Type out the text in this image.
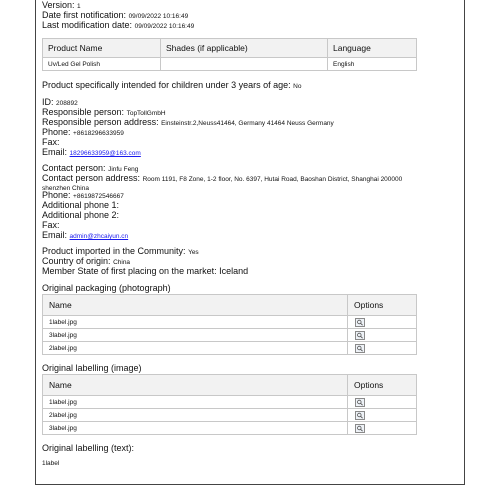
Version: 1
Date first notification: 09/09/2022 10:16:49
Last modification date: 09/09/2022 10:16:49
Product Name	Shades (if applicable)	Language
Uv/Led Gel Polish		English
Product specifically intended for children under 3 years of age: No
ID: 208892
Responsible person: TopTollGmbH
Responsible person address: Einsteinstr.2,Neuss41464, Germany 41464 Neuss Germany
Phone: +8618296633959
Fax:
Email: 18296633959@163.com
Contact person: Jinfu Feng
Contact person address: Room 1191, F8 Zone, 1-2 floor, No. 6397, Hutai Road, Baoshan District, Shanghai 200000
shenzhen China
Phone: +8619872546667
Additional phone 1:
Additional phone 2:
Fax:
Email: admin@zhcaiyun.cn
Product imported in the Community: Yes
Country of origin: China
Member State of first placing on the market: Iceland
Original packaging (photograph)
Name	Options
1label.jpg	

3label.jpg	

2label.jpg	
Original labelling (image)
Name	Options
1label.jpg	

2label.jpg	

3label.jpg	
Original labelling (text):
1label
